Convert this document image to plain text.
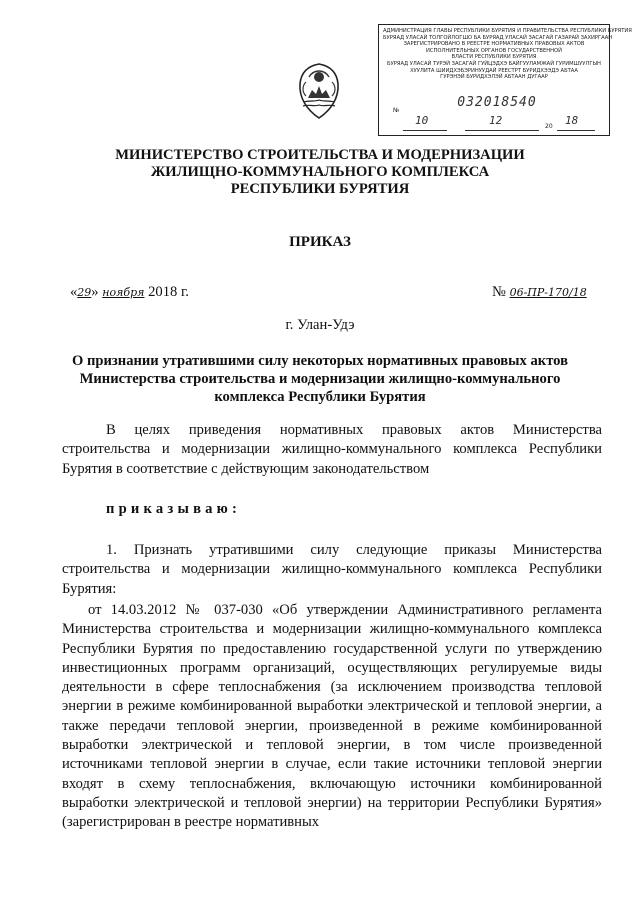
АДМИНИСТРАЦИЯ ГЛАВЫ РЕСПУБЛИКИ БУРЯТИЯ И ПРАВИТЕЛЬСТВА РЕСПУБЛИКИ БУРЯТИЯ
БУРЯАД УЛАСАЙ ТОЛГОЙЛОГШО БА БУРЯАД УЛАСАЙ ЗАСАГАЙ ГАЗАРАЙ ЗАХИРГААН
ЗАРЕГИСТРИРОВАНО В РЕЕСТРЕ НОРМАТИВНЫХ ПРАВОВЫХ АКТОВ
ИСПОЛНИТЕЛЬНЫХ ОРГАНОВ ГОСУДАРСТВЕННОЙ
ВЛАСТИ РЕСПУБЛИКИ БУРЯТИЯ
БУРЯАД УЛАСАЙ ТУРЭЙ ЗАСАГАЙ ГУЙЦЭДХЭ БАЙГУУЛАМЖАЙ ГУРИМШУУЛГЫН
ХУУЛИТА ШИИДХЭБЭРИНУУДАЙ РЕЕСТРТ БУРИДХЭЭДЭ АБТАА
ГУРЭНЭЙ БУРИДХЭЛЭЙ АБТААН ДУГААР
032018540
№
10	12	20 18
МИНИСТЕРСТВО СТРОИТЕЛЬСТВА И МОДЕРНИЗАЦИИ
ЖИЛИЩНО-КОММУНАЛЬНОГО КОМПЛЕКСА
РЕСПУБЛИКИ БУРЯТИЯ
ПРИКАЗ
«29» ноября 2018 г.	№ 06-ПР-170/18
г. Улан-Удэ
О признании утратившими силу некоторых нормативных правовых актов
Министерства строительства и модернизации жилищно-коммунального
комплекса Республики Бурятия
В целях приведения нормативных правовых актов Министерства строительства и модернизации жилищно-коммунального комплекса Республики Бурятия в соответствие с действующим законодательством
приказываю:
1. Признать утратившими силу следующие приказы Министерства строительства и модернизации жилищно-коммунального комплекса Республики Бурятия:
от 14.03.2012 № 037-030 «Об утверждении Административного регламента Министерства строительства и модернизации жилищно-коммунального комплекса Республики Бурятия по предоставлению государственной услуги по утверждению инвестиционных программ организаций, осуществляющих регулируемые виды деятельности в сфере теплоснабжения (за исключением производства тепловой энергии в режиме комбинированной выработки электрической и тепловой энергии, а также передачи тепловой энергии, произведенной в режиме комбинированной выработки электрической и тепловой энергии, в том числе произведенной источниками тепловой энергии в случае, если такие источники тепловой энергии входят в схему теплоснабжения, включающую источники комбинированной выработки электрической и тепловой энергии) на территории Республики Бурятия» (зарегистрирован в реестре нормативных
